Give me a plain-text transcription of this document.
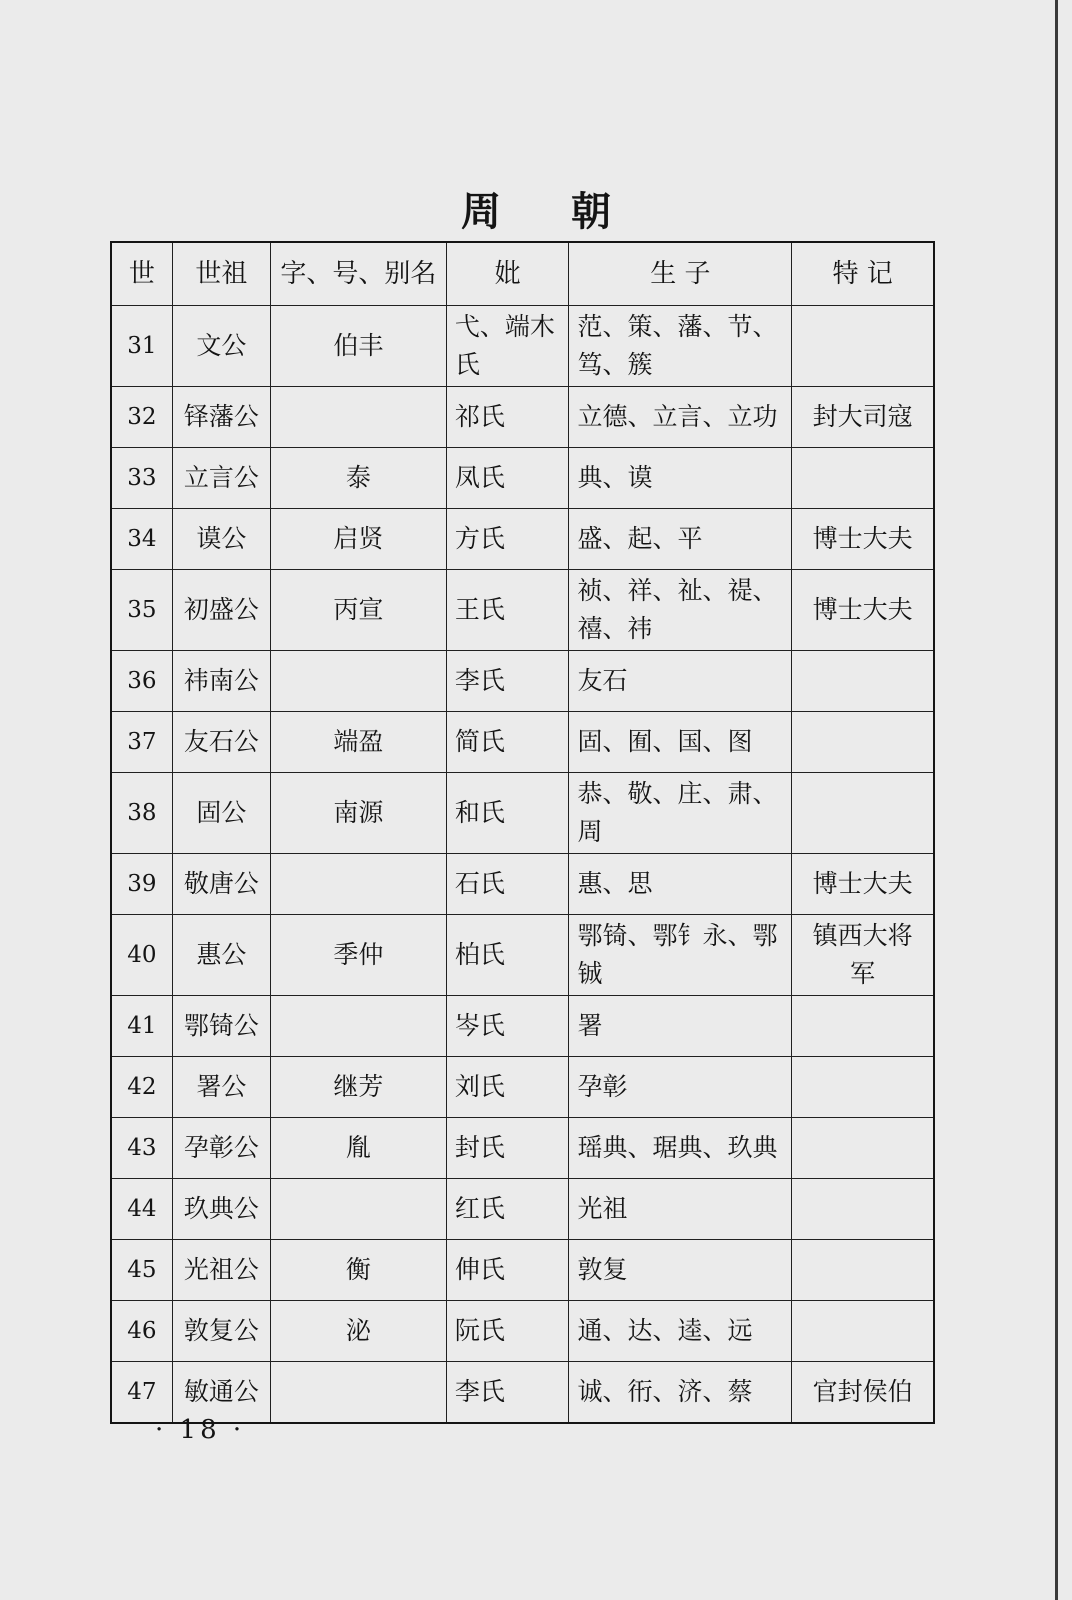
周 朝
世	世祖	字、号、别名	妣	生 子	特 记
31	文公	伯丰	弋、端木氏	范、策、藩、节、笃、簇	
32	铎藩公		祁氏	立德、立言、立功	封大司寇
33	立言公	泰	凤氏	典、谟	
34	谟公	启贤	方氏	盛、起、平	博士大夫
35	初盛公	丙宣	王氏	祯、祥、祉、禔、禧、祎	博士大夫
36	祎南公		李氏	友石	
37	友石公	端盈	简氏	固、囿、国、图	
38	固公	南源	和氏	恭、敬、庄、肃、周	
39	敬唐公		石氏	惠、思	博士大夫
40	惠公	季仲	柏氏	鄂锜、鄂钅永、鄂铖	镇西大将军
41	鄂锜公		岑氏	署	
42	署公	继芳	刘氏	孕彰	
43	孕彰公	胤	封氏	瑶典、琚典、玖典	
44	玖典公		红氏	光祖	
45	光祖公	衡	伸氏	敦复	
46	敦复公	泌	阮氏	通、达、逵、远	
47	敏通公		李氏	诚、衎、济、蔡	官封侯伯
· 18 ·
